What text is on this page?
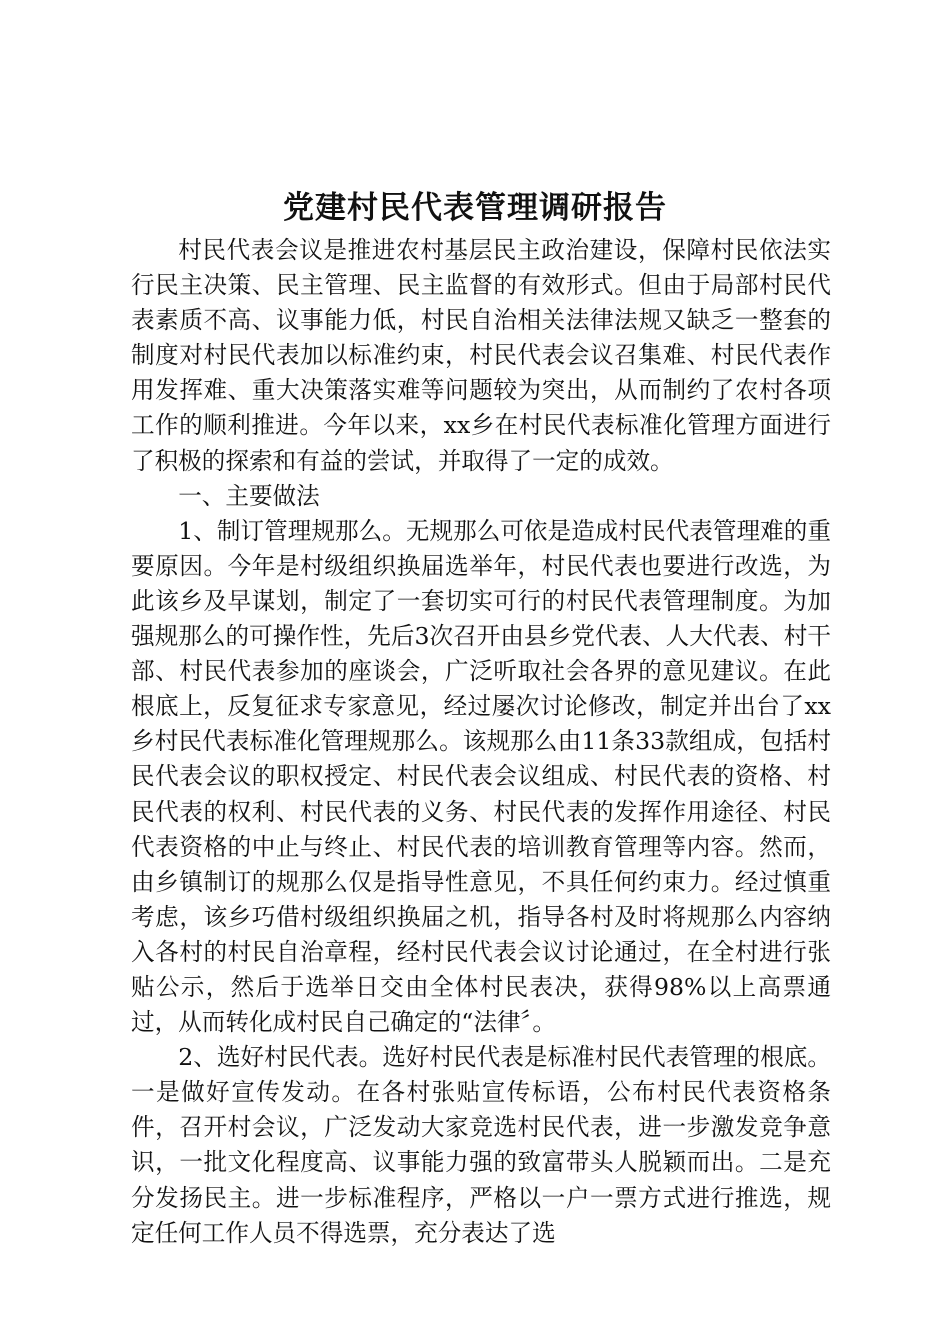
党建村民代表管理调研报告

村民代表会议是推进农村基层民主政治建设，保障村民依法实行民主决策、民主管理、民主监督的有效形式。但由于局部村民代表素质不高、议事能力低，村民自治相关法律法规又缺乏一整套的制度对村民代表加以标准约束，村民代表会议召集难、村民代表作用发挥难、重大决策落实难等问题较为突出，从而制约了农村各项工作的顺利推进。今年以来，xx乡在村民代表标准化管理方面进行了积极的探索和有益的尝试，并取得了一定的成效。

一、主要做法

1、制订管理规那么。无规那么可依是造成村民代表管理难的重要原因。今年是村级组织换届选举年，村民代表也要进行改选，为此该乡及早谋划，制定了一套切实可行的村民代表管理制度。为加强规那么的可操作性，先后3次召开由县乡党代表、人大代表、村干部、村民代表参加的座谈会，广泛听取社会各界的意见建议。在此根底上，反复征求专家意见，经过屡次讨论修改，制定并出台了xx乡村民代表标准化管理规那么。该规那么由11条33款组成，包括村民代表会议的职权授定、村民代表会议组成、村民代表的资格、村民代表的权利、村民代表的义务、村民代表的发挥作用途径、村民代表资格的中止与终止、村民代表的培训教育管理等内容。然而，由乡镇制订的规那么仅是指导性意见，不具任何约束力。经过慎重考虑，该乡巧借村级组织换届之机，指导各村及时将规那么内容纳入各村的村民自治章程，经村民代表会议讨论通过，在全村进行张贴公示，然后于选举日交由全体村民表决，获得98%以上高票通过，从而转化成村民自己确定的“法律〞。

2、选好村民代表。选好村民代表是标准村民代表管理的根底。一是做好宣传发动。在各村张贴宣传标语，公布村民代表资格条件，召开村会议，广泛发动大家竞选村民代表，进一步激发竞争意识，一批文化程度高、议事能力强的致富带头人脱颖而出。二是充分发扬民主。进一步标准程序，严格以一户一票方式进行推选，规定任何工作人员不得选票，充分表达了选
